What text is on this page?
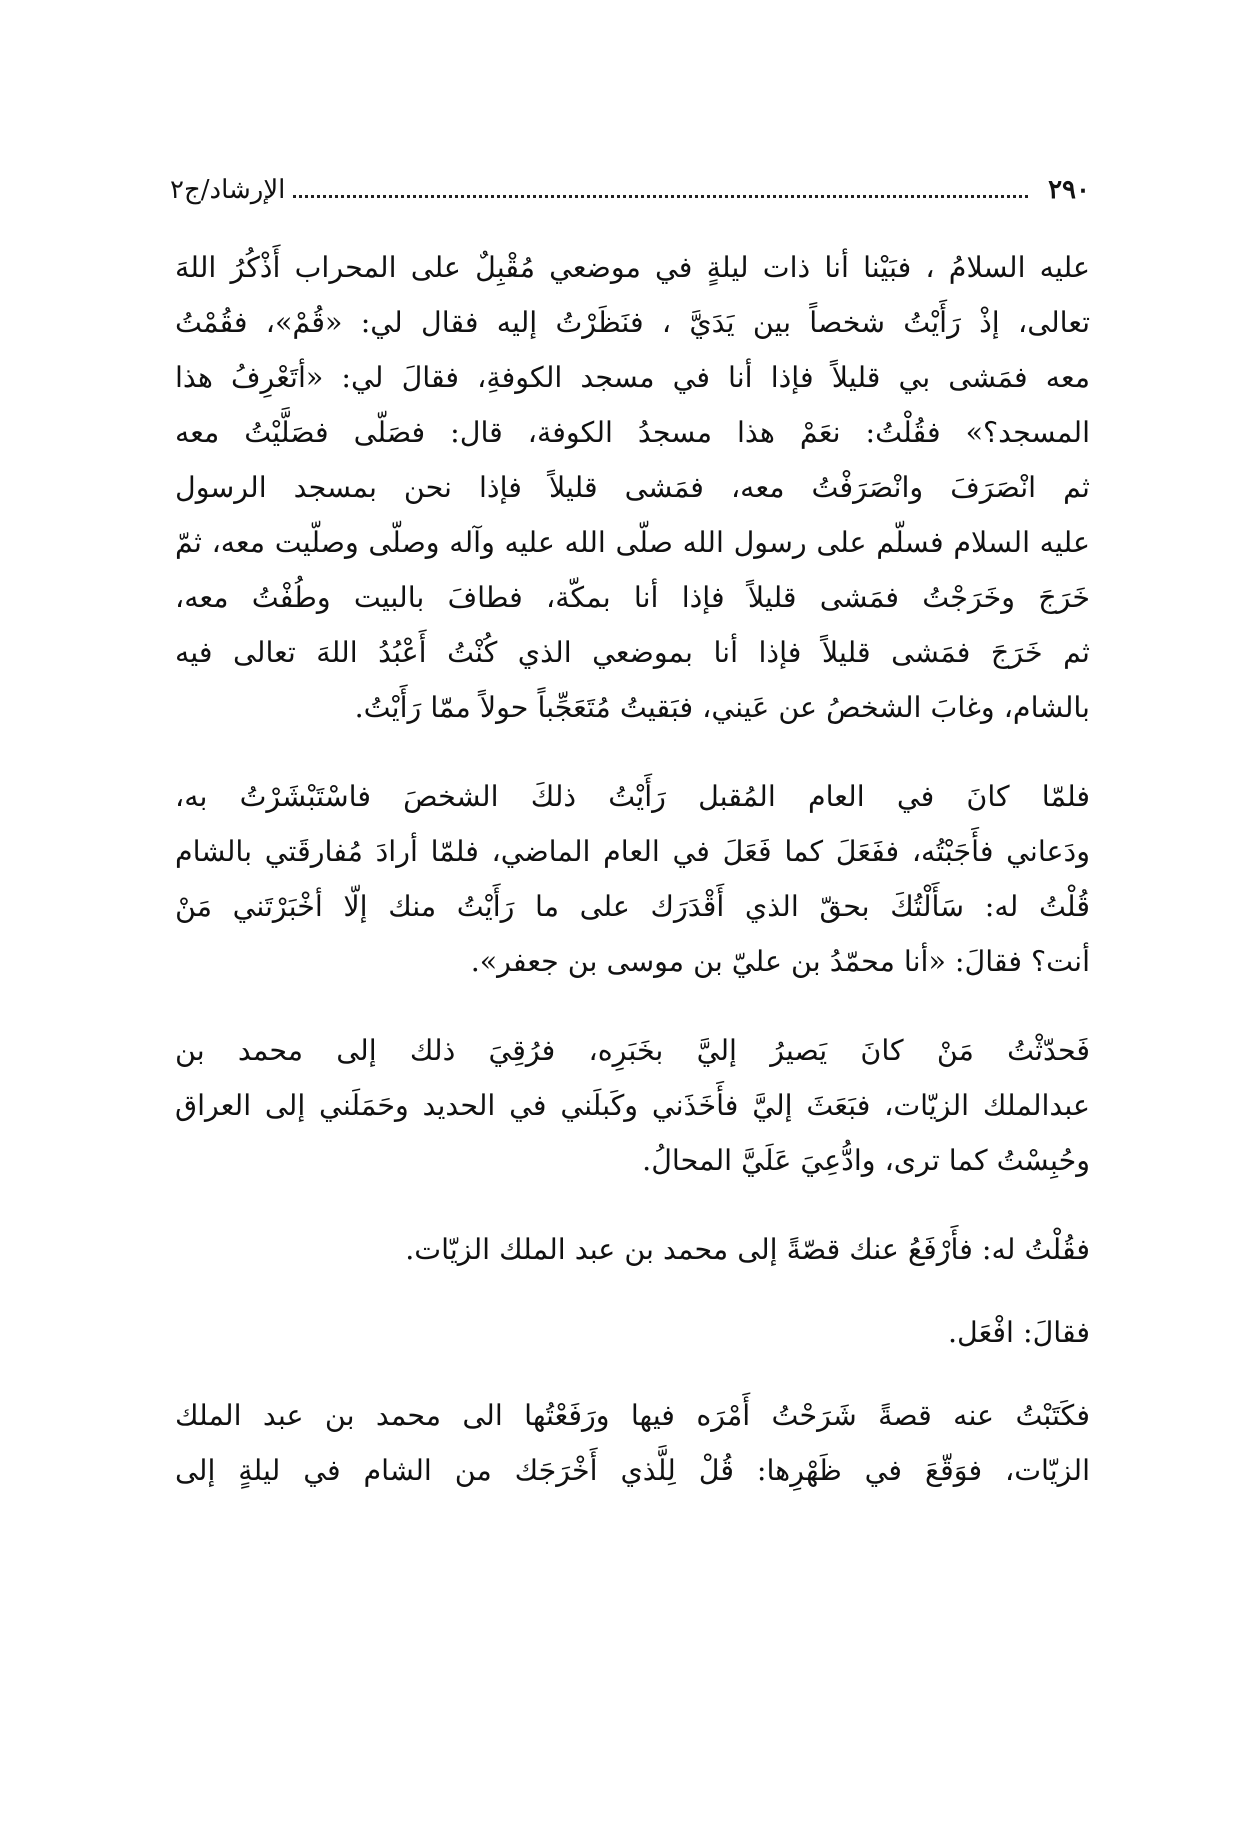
٢٩٠
الإرشاد/ج٢
عليه السلامُ ، فبَيْنا أنا ذات ليلةٍ في موضعي مُقْبِلٌ على المحراب أَذْكُرُ اللهَ
تعالى، إذْ رَأَيْتُ شخصاً بين يَدَيَّ ، فنَظَرْتُ إليه فقال لي: «قُمْ»، فقُمْتُ
معه فمَشى بي قليلاً فإذا أنا في مسجد الكوفةِ، فقالَ لي: «أتَعْرِفُ هذا
المسجد؟» فقُلْتُ: نعَمْ هذا مسجدُ الكوفة، قال: فصَلّى فصَلَّيْتُ معه
ثم انْصَرَفَ وانْصَرَفْتُ معه، فمَشى قليلاً فإذا نحن بمسجد الرسول
عليه السلام فسلّم على رسول الله صلّى الله عليه وآله وصلّى وصلّيت معه، ثمّ
خَرَجَ وخَرَجْتُ فمَشى قليلاً فإذا أنا بمكّة، فطافَ بالبيت وطُفْتُ معه،
ثم خَرَجَ فمَشى قليلاً فإذا أنا بموضعي الذي كُنْتُ أَعْبُدُ اللهَ تعالى فيه
بالشام، وغابَ الشخصُ عن عَيني، فبَقيتُ مُتَعَجِّباً حولاً ممّا رَأَيْتُ.
فلمّا كانَ في العام المُقبل رَأَيْتُ ذلكَ الشخصَ فاسْتَبْشَرْتُ به،
ودَعاني فأَجَبْتُه، ففَعَلَ كما فَعَلَ في العام الماضي، فلمّا أرادَ مُفارقَتي بالشام
قُلْتُ له: سَأَلْتُكَ بحقّ الذي أَقْدَرَك على ما رَأَيْتُ منك إلّا أخْبَرْتَني مَنْ
أنت؟ فقالَ: «أنا محمّدُ بن عليّ بن موسى بن جعفر».
فَحدّثْتُ مَنْ كانَ يَصيرُ إليَّ بخَبَرِه، فرُقِيَ ذلك إلى محمد بن
عبدالملك الزيّات، فبَعَثَ إليَّ فأَخَذَني وكَبلَني في الحديد وحَمَلَني إلى العراق
وحُبِسْتُ كما ترى، وادُّعِيَ عَلَيَّ المحالُ.
فقُلْتُ له: فأَرْفَعُ عنك قصّةً إلى محمد بن عبد الملك الزيّات.
فقالَ: افْعَل.
فكَتَبْتُ عنه قصةً شَرَحْتُ أَمْرَه فيها ورَفَعْتُها الى محمد بن عبد الملك
الزيّات، فوَقّعَ في ظَهْرِها: قُلْ لِلَّذي أَخْرَجَك من الشام في ليلةٍ إلى
